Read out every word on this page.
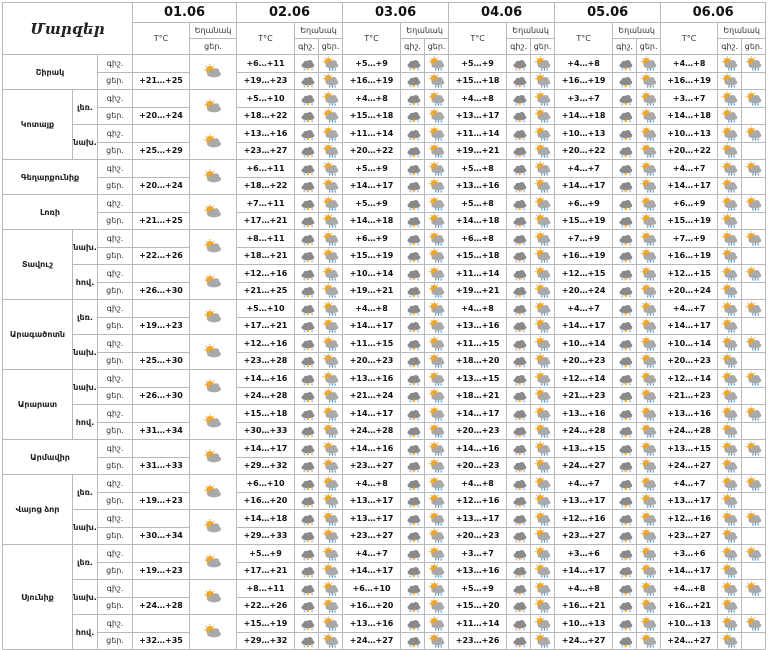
Մարզեր			01.06		02.06			03.06			04.06			05.06			06.06		
			T°C	Եղանակ	T°C	Եղանակ		T°C	Եղանակ		T°C	Եղանակ		T°C	Եղանակ		T°C	Եղանակ	
				ցեր.		գիշ.	ցեր.		գիշ.	ցեր.		գիշ.	ցեր.		գիշ.	ցեր.		գիշ.	ցեր.
Շիրակ		գիշ.			+6…+11			+5…+9			+5…+9			+4…+8			+4…+8	

		ցեր.	+21…+25		+19…+23			+16…+19			+15…+18			+16…+19			+16…+19	

Կոտայք	լեռ.	գիշ.			+5…+10			+4…+8			+4…+8			+3…+7			+3…+7	

		ցեր.	+20…+24		+18…+22			+15…+18			+13…+17			+14…+18			+14…+18	

	նախ.	գիշ.			+13…+16			+11…+14			+11…+14			+10…+13			+10…+13	

		ցեր.	+25…+29		+23…+27			+20…+22			+19…+21			+20…+22			+20…+22	

Գեղարքունիք		գիշ.			+6…+11			+5…+9			+5…+8			+4…+7			+4…+7	

		ցեր.	+20…+24		+18…+22			+14…+17			+13…+16			+14…+17			+14…+17	

Լոռի		գիշ.			+7…+11			+5…+9			+5…+8			+6…+9			+6…+9	

		ցեր.	+21…+25		+17…+21			+14…+18			+14…+18			+15…+19			+15…+19	

Տավուշ	նախ.	գիշ.			+8…+11			+6…+9			+6…+8			+7…+9			+7…+9	

		ցեր.	+22…+26		+18…+21			+15…+19			+15…+18			+16…+19			+16…+19	

	հով.	գիշ.			+12…+16			+10…+14			+11…+14			+12…+15			+12…+15	

		ցեր.	+26…+30		+21…+25			+19…+21			+19…+21			+20…+24			+20…+24	

Արագածոտն	լեռ.	գիշ.			+5…+10			+4…+8			+4…+8			+4…+7			+4…+7	

		ցեր.	+19…+23		+17…+21			+14…+17			+13…+16			+14…+17			+14…+17	

	նախ.	գիշ.			+12…+16			+11…+15			+11…+15			+10…+14			+10…+14	

		ցեր.	+25…+30		+23…+28			+20…+23			+18…+20			+20…+23			+20…+23	

Արարատ	նախ.	գիշ.			+14…+16			+13…+16			+13…+15			+12…+14			+12…+14	

		ցեր.	+26…+30		+24…+28			+21…+24			+18…+21			+21…+23			+21…+23	

	հով.	գիշ.			+15…+18			+14…+17			+14…+17			+13…+16			+13…+16	

		ցեր.	+31…+34		+30…+33			+24…+28			+20…+23			+24…+28			+24…+28	

Արմավիր		գիշ.			+14…+17			+14…+16			+14…+16			+13…+15			+13…+15	

		ցեր.	+31…+33		+29…+32			+23…+27			+20…+23			+24…+27			+24…+27	

Վայոց ձոր	լեռ.	գիշ.			+6…+10			+4…+8			+4…+8			+4…+7			+4…+7	

		ցեր.	+19…+23		+16…+20			+13…+17			+12…+16			+13…+17			+13…+17	

	նախ.	գիշ.			+14…+18			+13…+17			+13…+17			+12…+16			+12…+16	

		ցեր.	+30…+34		+29…+33			+23…+27			+20…+23			+23…+27			+23…+27	

Սյունիք	լեռ.	գիշ.			+5…+9			+4…+7			+3…+7			+3…+6			+3…+6	

		ցեր.	+19…+23		+17…+21			+14…+17			+13…+16			+14…+17			+14…+17	

	նախ.	գիշ.			+8…+11			+6…+10			+5…+9			+4…+8			+4…+8	

		ցեր.	+24…+28		+22…+26			+16…+20			+15…+20			+16…+21			+16…+21	

	հով.	գիշ.			+15…+19			+13…+16			+11…+14			+10…+13			+10…+13	

		ցեր.	+32…+35		+29…+32			+24…+27			+23…+26			+24…+27			+24…+27	
